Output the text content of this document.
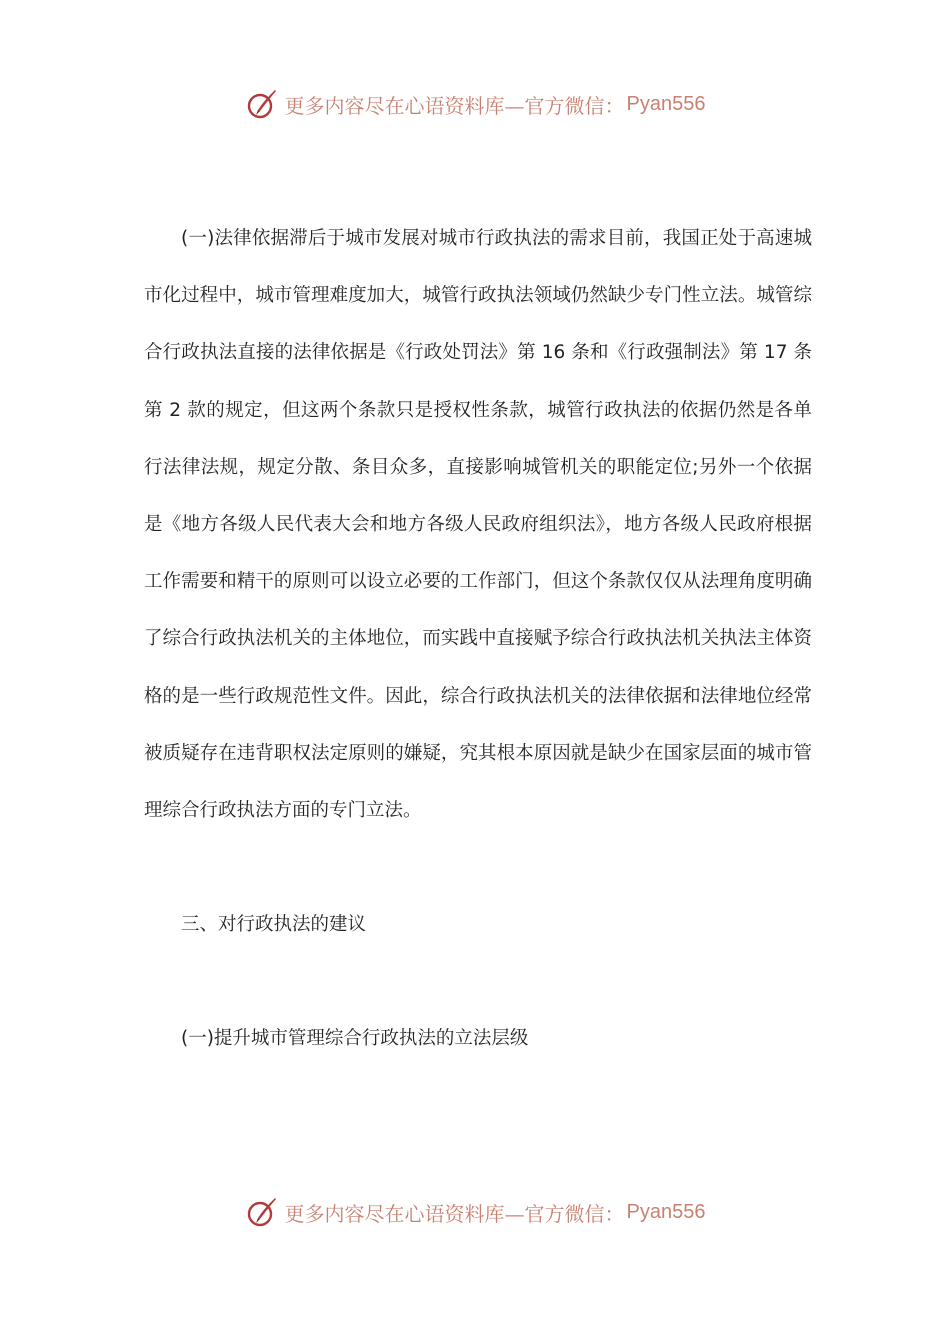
更多内容尽在心语资料库—官方微信： Pyan556

(一)法律依据滞后于城市发展对城市行政执法的需求目前，我国正处于高速城市化过程中，城市管理难度加大，城管行政执法领域仍然缺少专门性立法。城管综合行政执法直接的法律依据是《行政处罚法》第 16 条和《行政强制法》第 17 条第 2 款的规定，但这两个条款只是授权性条款，城管行政执法的依据仍然是各单行法律法规，规定分散、条目众多，直接影响城管机关的职能定位;另外一个依据是《地方各级人民代表大会和地方各级人民政府组织法》，地方各级人民政府根据工作需要和精干的原则可以设立必要的工作部门，但这个条款仅仅从法理角度明确了综合行政执法机关的主体地位，而实践中直接赋予综合行政执法机关执法主体资格的是一些行政规范性文件。因此，综合行政执法机关的法律依据和法律地位经常被质疑存在违背职权法定原则的嫌疑，究其根本原因就是缺少在国家层面的城市管理综合行政执法方面的专门立法。

三、对行政执法的建议
(一)提升城市管理综合行政执法的立法层级
更多内容尽在心语资料库—官方微信： Pyan556
